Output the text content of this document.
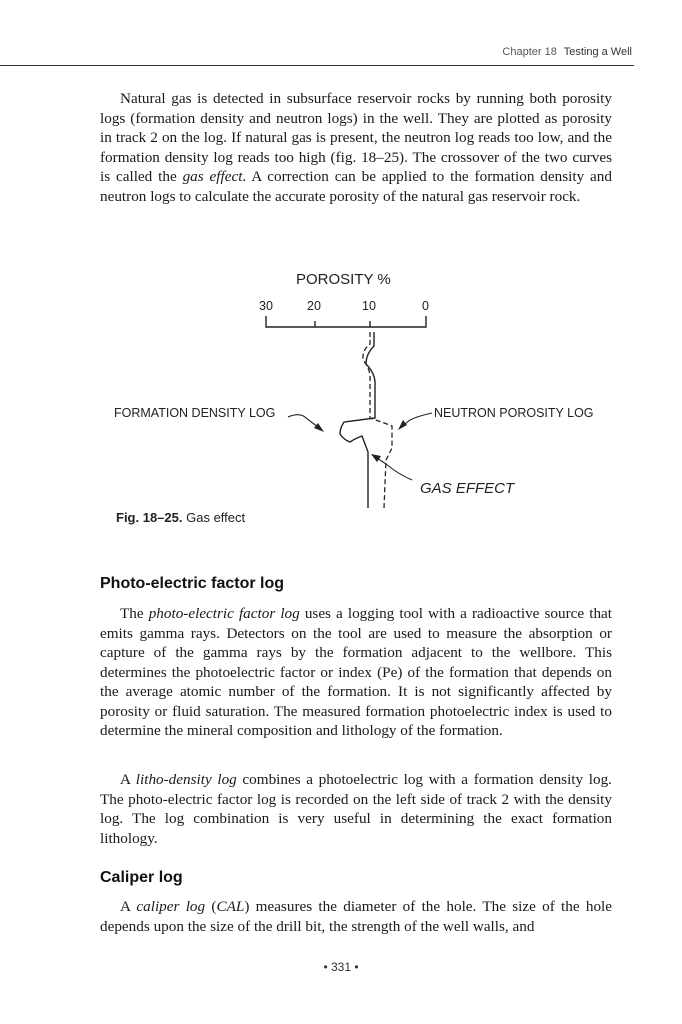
Chapter 18 Testing a Well

Natural gas is detected in subsurface reservoir rocks by running both porosity logs (formation density and neutron logs) in the well. They are plotted as porosity in track 2 on the log. If natural gas is present, the neutron log reads too low, and the formation density log reads too high (fig. 18–25). The crossover of the two curves is called the gas effect. A correction can be applied to the formation density and neutron logs to calculate the accurate porosity of the natural gas reservoir rock.

POROSITY %
30	20	10	0
FORMATION DENSITY LOG	NEUTRON POROSITY LOG
GAS EFFECT
Fig. 18–25. Gas effect
Photo-electric factor log

The photo-electric factor log uses a logging tool with a radioactive source that emits gamma rays. Detectors on the tool are used to measure the absorption or capture of the gamma rays by the formation adjacent to the wellbore. This determines the photoelectric factor or index (Pe) of the formation that depends on the average atomic number of the formation. It is not significantly affected by porosity or fluid saturation. The measured formation photoelectric index is used to determine the mineral composition and lithology of the formation.

A litho-density log combines a photoelectric log with a formation density log. The photo-electric factor log is recorded on the left side of track 2 with the density log. The log combination is very useful in determining the exact formation lithology.

Caliper log

A caliper log (CAL) measures the diameter of the hole. The size of the hole depends upon the size of the drill bit, the strength of the well walls, and

• 331 •
